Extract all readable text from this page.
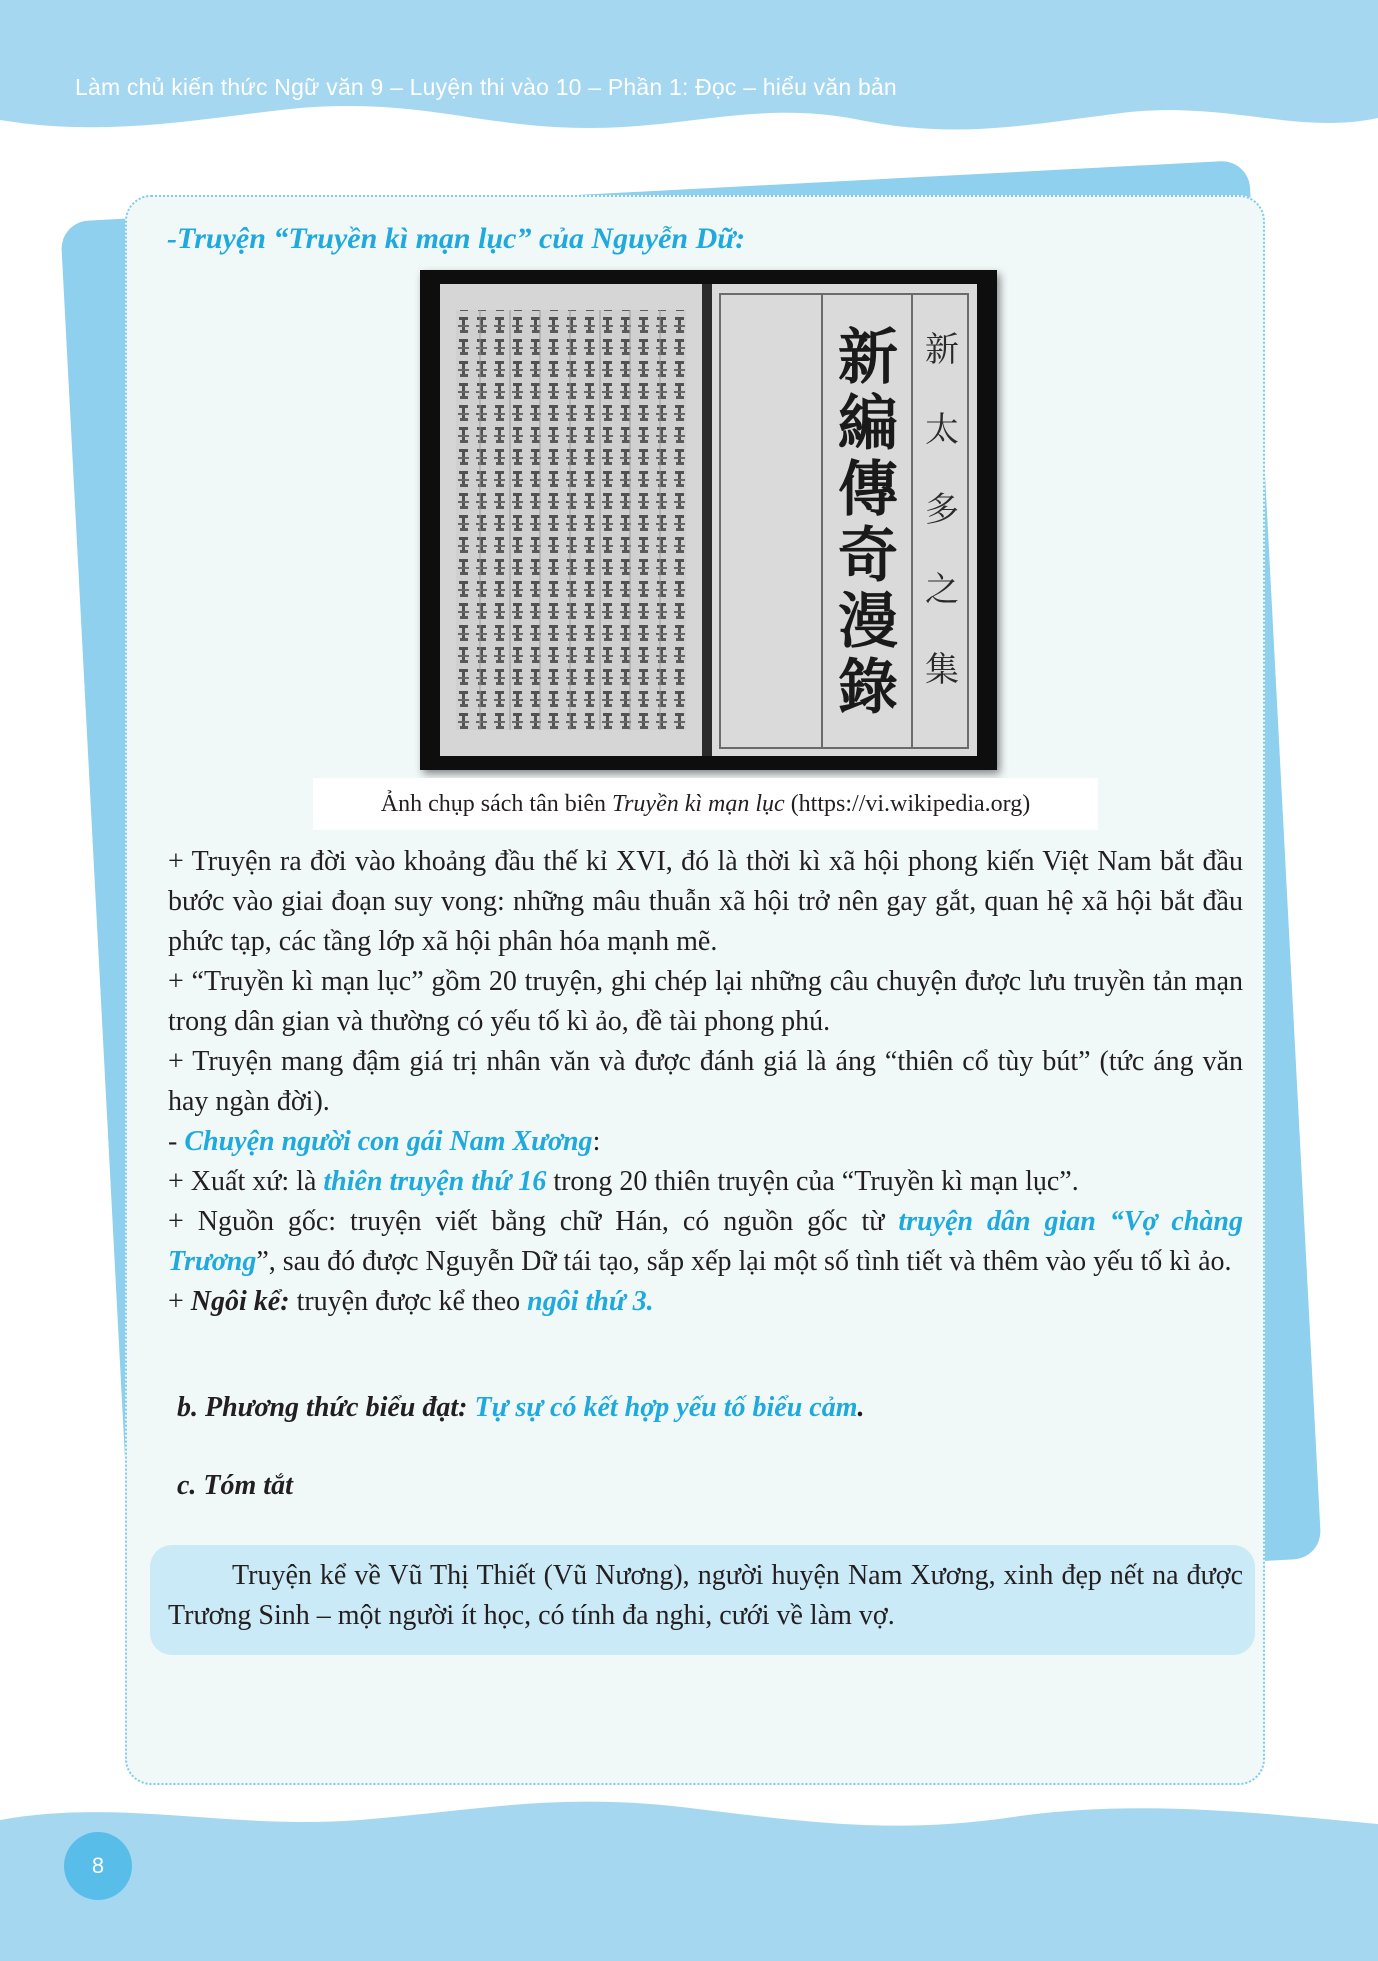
Làm chủ kiến thức Ngữ văn 9 – Luyện thi vào 10 – Phần 1: Đọc – hiểu văn bản
-Truyện “Truyền kì mạn lục” của Nguyễn Dữ:
新
編
傳
奇
漫
錄
新
太
多
之
集
Ảnh chụp sách tân biên Truyền kì mạn lục (https://vi.wikipedia.org)

+ Truyện ra đời vào khoảng đầu thế kỉ XVI, đó là thời kì xã hội phong kiến Việt Nam bắt đầu bước vào giai đoạn suy vong: những mâu thuẫn xã hội trở nên gay gắt, quan hệ xã hội bắt đầu phức tạp, các tầng lớp xã hội phân hóa mạnh mẽ.

+ “Truyền kì mạn lục” gồm 20 truyện, ghi chép lại những câu chuyện được lưu truyền tản mạn trong dân gian và thường có yếu tố kì ảo, đề tài phong phú.

+ Truyện mang đậm giá trị nhân văn và được đánh giá là áng “thiên cổ tùy bút” (tức áng văn hay ngàn đời).

- Chuyện người con gái Nam Xương:

+ Xuất xứ: là thiên truyện thứ 16 trong 20 thiên truyện của “Truyền kì mạn lục”.

+ Nguồn gốc: truyện viết bằng chữ Hán, có nguồn gốc từ truyện dân gian “Vợ chàng Trương”, sau đó được Nguyễn Dữ tái tạo, sắp xếp lại một số tình tiết và thêm vào yếu tố kì ảo.

+ Ngôi kể: truyện được kể theo ngôi thứ 3.

b. Phương thức biểu đạt: Tự sự có kết hợp yếu tố biểu cảm.
c. Tóm tắt

Truyện kể về Vũ Thị Thiết (Vũ Nương), người huyện Nam Xương, xinh đẹp nết na được Trương Sinh – một người ít học, có tính đa nghi, cưới về làm vợ.

8
